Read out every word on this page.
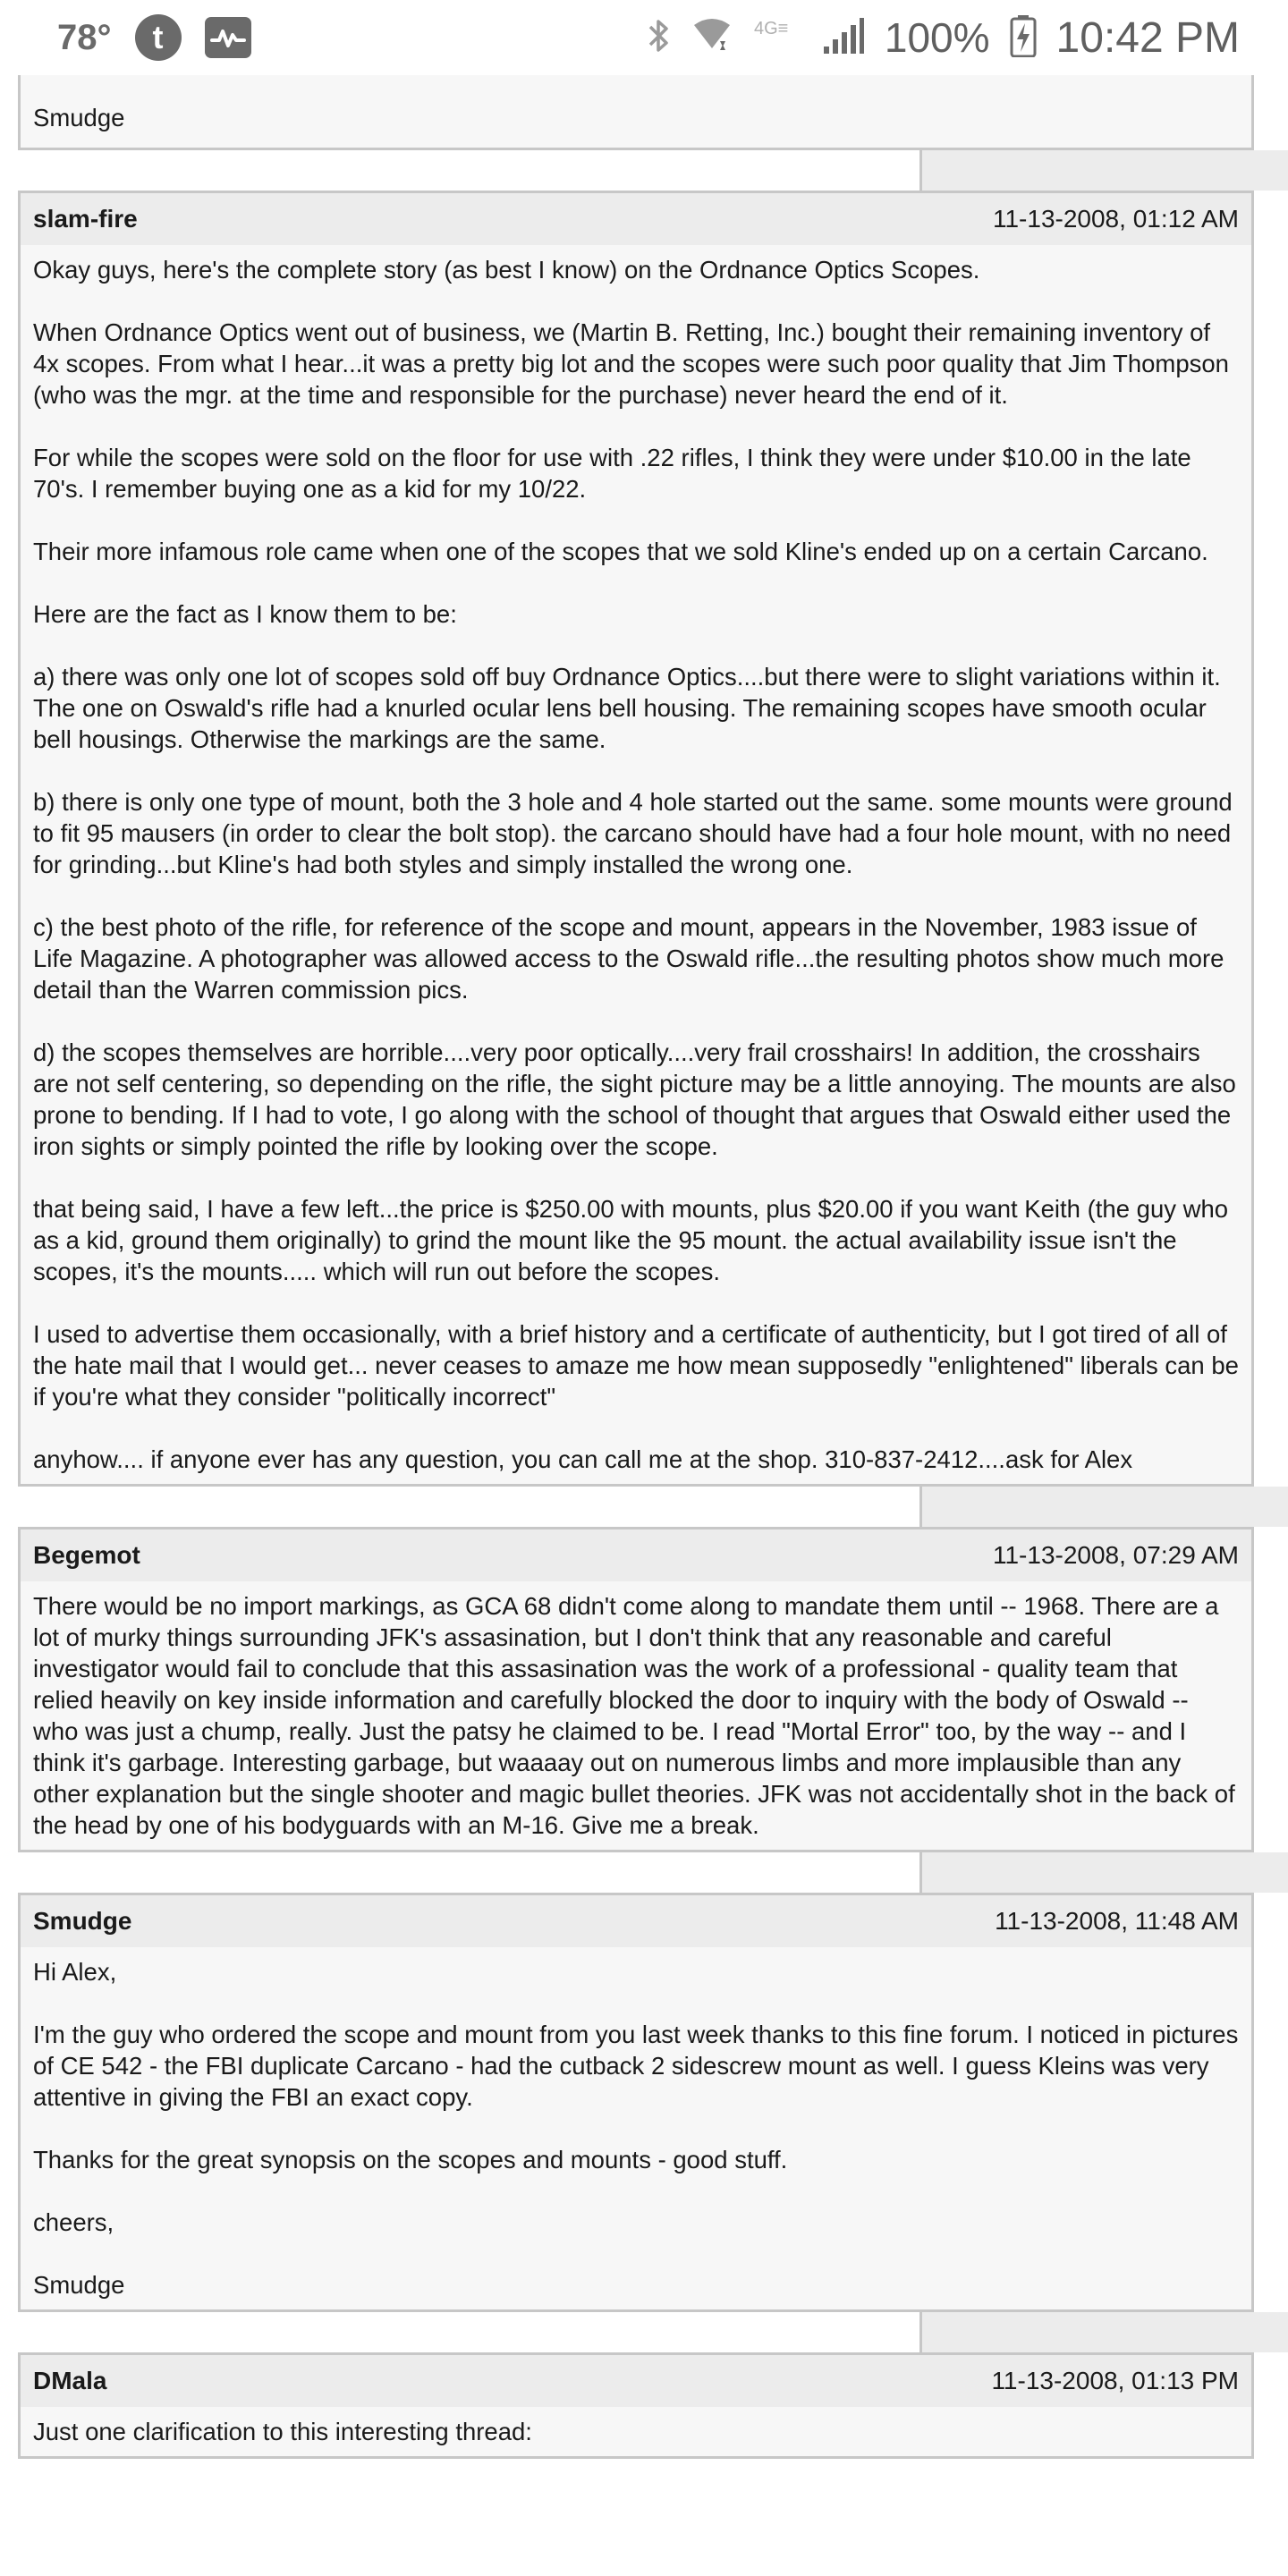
78°	t	4G≡ 100% 10:42 PM

Smudge

slam-fire	11-13-2008, 01:12 AM

Okay guys, here's the complete story (as best I know) on the Ordnance Optics Scopes.

When Ordnance Optics went out of business, we (Martin B. Retting, Inc.) bought their remaining inventory of 4x scopes. From what I hear...it was a pretty big lot and the scopes were such poor quality that Jim Thompson (who was the mgr. at the time and responsible for the purchase) never heard the end of it.

For while the scopes were sold on the floor for use with .22 rifles, I think they were under $10.00 in the late 70's. I remember buying one as a kid for my 10/22.

Their more infamous role came when one of the scopes that we sold Kline's ended up on a certain Carcano.

Here are the fact as I know them to be:

a) there was only one lot of scopes sold off buy Ordnance Optics....but there were to slight variations within it. The one on Oswald's rifle had a knurled ocular lens bell housing. The remaining scopes have smooth ocular bell housings. Otherwise the markings are the same.

b) there is only one type of mount, both the 3 hole and 4 hole started out the same. some mounts were ground to fit 95 mausers (in order to clear the bolt stop). the carcano should have had a four hole mount, with no need for grinding...but Kline's had both styles and simply installed the wrong one.

c) the best photo of the rifle, for reference of the scope and mount, appears in the November, 1983 issue of Life Magazine. A photographer was allowed access to the Oswald rifle...the resulting photos show much more detail than the Warren commission pics.

d) the scopes themselves are horrible....very poor optically....very frail crosshairs! In addition, the crosshairs are not self centering, so depending on the rifle, the sight picture may be a little annoying. The mounts are also prone to bending. If I had to vote, I go along with the school of thought that argues that Oswald either used the iron sights or simply pointed the rifle by looking over the scope.

that being said, I have a few left...the price is $250.00 with mounts, plus $20.00 if you want Keith (the guy who as a kid, ground them originally) to grind the mount like the 95 mount. the actual availability issue isn't the scopes, it's the mounts..... which will run out before the scopes.

I used to advertise them occasionally, with a brief history and a certificate of authenticity, but I got tired of all of the hate mail that I would get... never ceases to amaze me how mean supposedly "enlightened" liberals can be if you're what they consider "politically incorrect"

anyhow.... if anyone ever has any question, you can call me at the shop. 310-837-2412....ask for Alex

Begemot	11-13-2008, 07:29 AM

There would be no import markings, as GCA 68 didn't come along to mandate them until -- 1968. There are a lot of murky things surrounding JFK's assasination, but I don't think that any reasonable and careful investigator would fail to conclude that this assasination was the work of a professional - quality team that relied heavily on key inside information and carefully blocked the door to inquiry with the body of Oswald -- who was just a chump, really. Just the patsy he claimed to be. I read "Mortal Error" too, by the way -- and I think it's garbage. Interesting garbage, but waaaay out on numerous limbs and more implausible than any other explanation but the single shooter and magic bullet theories. JFK was not accidentally shot in the back of the head by one of his bodyguards with an M-16. Give me a break.

Smudge	11-13-2008, 11:48 AM

Hi Alex,

I'm the guy who ordered the scope and mount from you last week thanks to this fine forum. I noticed in pictures of CE 542 - the FBI duplicate Carcano - had the cutback 2 sidescrew mount as well. I guess Kleins was very attentive in giving the FBI an exact copy.

Thanks for the great synopsis on the scopes and mounts - good stuff.

cheers,

Smudge

DMala	11-13-2008, 01:13 PM

Just one clarification to this interesting thread:
